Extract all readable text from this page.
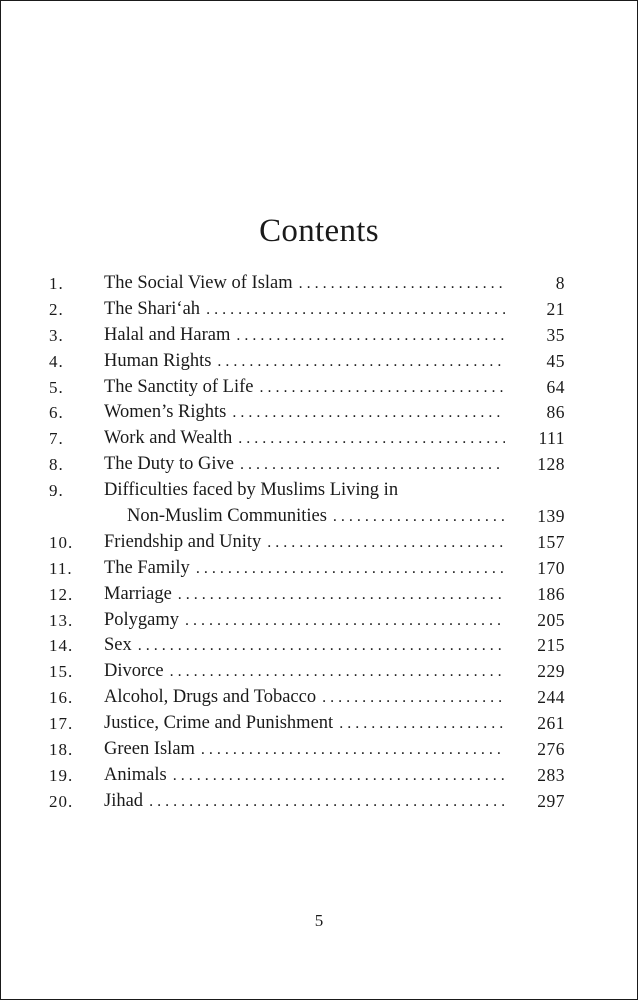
Contents
1.	The Social View of Islam . . .	8
2.	The Shari‘ah . . .	21
3.	Halal and Haram . . .	35
4.	Human Rights . . .	45
5.	The Sanctity of Life . . .	64
6.	Women’s Rights . . .	86
7.	Work and Wealth . . .	111
8.	The Duty to Give . . .	128
9.	Difficulties faced by Muslims Living in
Non-Muslim Communities . . .	139
10.	Friendship and Unity . . .	157
11.	The Family . . .	170
12.	Marriage . . .	186
13.	Polygamy . . .	205
14.	Sex . . .	215
15.	Divorce . . .	229
16.	Alcohol, Drugs and Tobacco . . .	244
17.	Justice, Crime and Punishment . . .	261
18.	Green Islam . . .	276
19.	Animals . . .	283
20.	Jihad . . .	297
5
